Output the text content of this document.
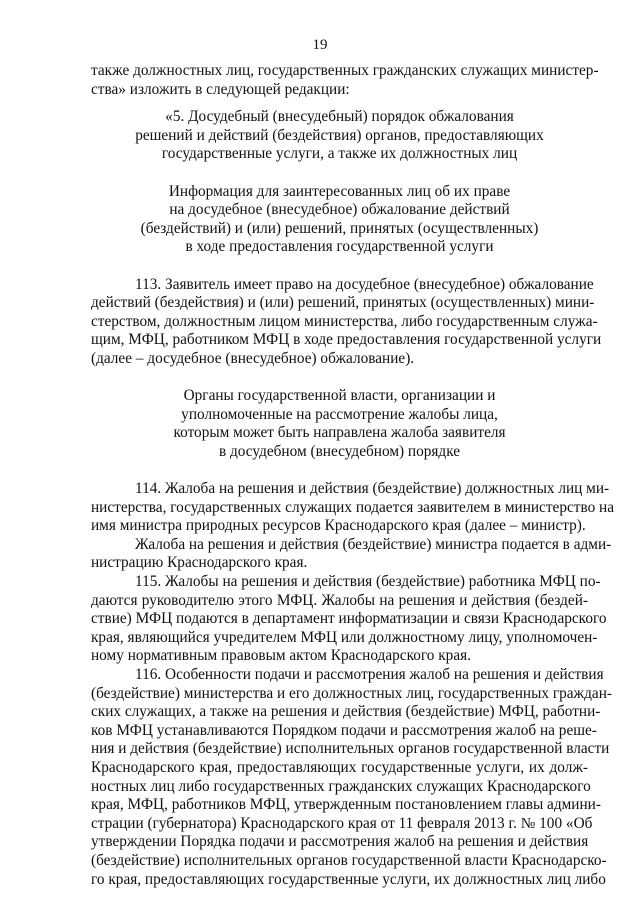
19
также должностных лиц, государственных гражданских служащих министер-
ства» изложить в следующей редакции:
«5. Досудебный (внесудебный) порядок обжалования
решений и действий (бездействия) органов, предоставляющих
государственные услуги, а также их должностных лиц
Информация для заинтересованных лиц об их праве
на досудебное (внесудебное) обжалование действий
(бездействий) и (или) решений, принятых (осуществленных)
в ходе предоставления государственной услуги
113. Заявитель имеет право на досудебное (внесудебное) обжалование
действий (бездействия) и (или) решений, принятых (осуществленных) мини-
стерством, должностным лицом министерства, либо государственным служа-
щим, МФЦ, работником МФЦ в ходе предоставления государственной услуги
(далее – досудебное (внесудебное) обжалование).
Органы государственной власти, организации и
уполномоченные на рассмотрение жалобы лица,
которым может быть направлена жалоба заявителя
в досудебном (внесудебном) порядке
114. Жалоба на решения и действия (бездействие) должностных лиц ми-
нистерства, государственных служащих подается заявителем в министерство на
имя министра природных ресурсов Краснодарского края (далее – министр).
Жалоба на решения и действия (бездействие) министра подается в адми-
нистрацию Краснодарского края.
115. Жалобы на решения и действия (бездействие) работника МФЦ по-
даются руководителю этого МФЦ. Жалобы на решения и действия (бездей-
ствие) МФЦ подаются в департамент информатизации и связи Краснодарского
края, являющийся учредителем МФЦ или должностному лицу, уполномочен-
ному нормативным правовым актом Краснодарского края.
116. Особенности подачи и рассмотрения жалоб на решения и действия
(бездействие) министерства и его должностных лиц, государственных граждан-
ских служащих, а также на решения и действия (бездействие) МФЦ, работни-
ков МФЦ устанавливаются Порядком подачи и рассмотрения жалоб на реше-
ния и действия (бездействие) исполнительных органов государственной власти
Краснодарского края, предоставляющих государственные услуги, их долж-
ностных лиц либо государственных гражданских служащих Краснодарского
края, МФЦ, работников МФЦ, утвержденным постановлением главы админи-
страции (губернатора) Краснодарского края от 11 февраля 2013 г. № 100 «Об
утверждении Порядка подачи и рассмотрения жалоб на решения и действия
(бездействие) исполнительных органов государственной власти Краснодарско-
го края, предоставляющих государственные услуги, их должностных лиц либо
